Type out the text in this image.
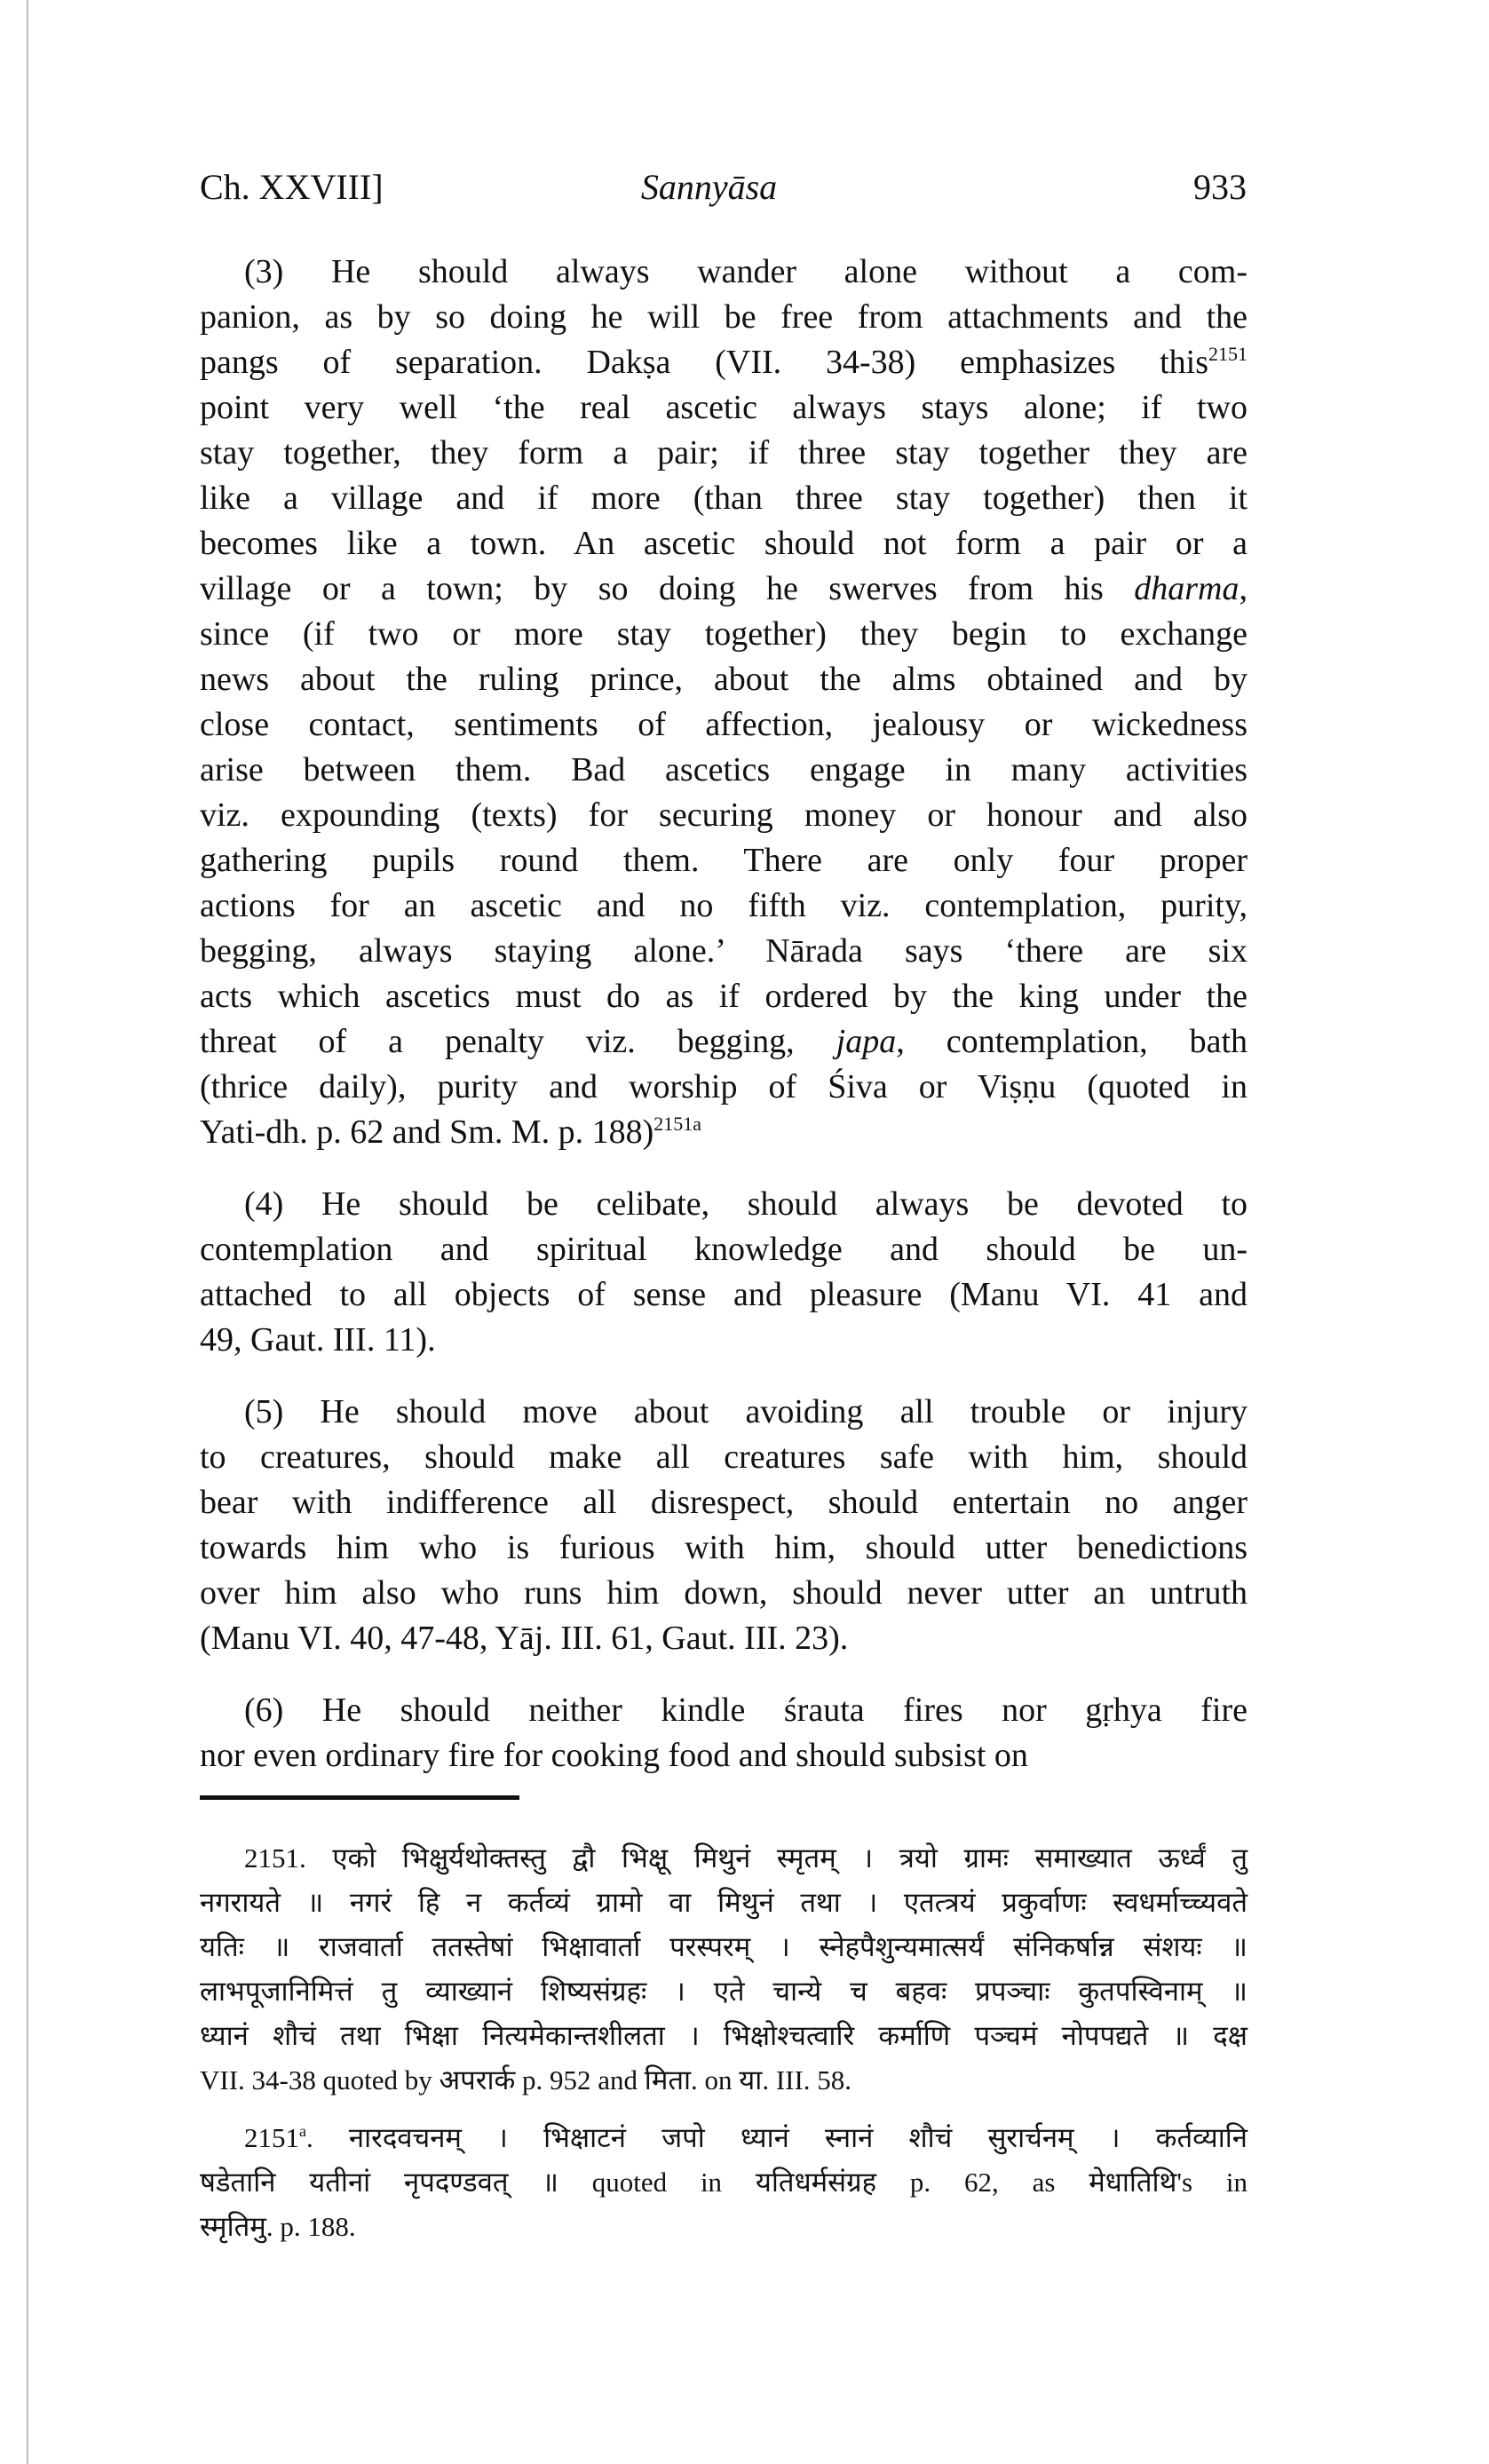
Ch. XXVIII]	Sannyāsa	933
(3) He should always wander alone without a com-
panion, as by so doing he will be free from attachments and the
pangs of separation. Dakṣa (VII. 34-38) emphasizes this$^{2151}$
point very well ‘the real ascetic always stays alone; if two
stay together, they form a pair; if three stay together they are
like a village and if more (than three stay together) then it
becomes like a town. An ascetic should not form a pair or a
village or a town; by so doing he swerves from his dharma,
since (if two or more stay together) they begin to exchange
news about the ruling prince, about the alms obtained and by
close contact, sentiments of affection, jealousy or wickedness
arise between them. Bad ascetics engage in many activities
viz. expounding (texts) for securing money or honour and also
gathering pupils round them. There are only four proper
actions for an ascetic and no fifth viz. contemplation, purity,
begging, always staying alone.’ Nārada says ‘there are six
acts which ascetics must do as if ordered by the king under the
threat of a penalty viz. begging, japa, contemplation, bath
(thrice daily), purity and worship of Śiva or Viṣṇu (quoted in
Yati-dh. p. 62 and Sm. M. p. 188)$^{2151a}$
(4) He should be celibate, should always be devoted to
contemplation and spiritual knowledge and should be un-
attached to all objects of sense and pleasure (Manu VI. 41 and
49, Gaut. III. 11).
(5) He should move about avoiding all trouble or injury
to creatures, should make all creatures safe with him, should
bear with indifference all disrespect, should entertain no anger
towards him who is furious with him, should utter benedictions
over him also who runs him down, should never utter an untruth
(Manu VI. 40, 47-48, Yāj. III. 61, Gaut. III. 23).
(6) He should neither kindle śrauta fires nor gṛhya fire
nor even ordinary fire for cooking food and should subsist on
2151. एको भिक्षुर्यथोक्तस्तु द्वौ भिक्षू मिथुनं स्मृतम् । त्रयो ग्रामः समाख्यात ऊर्ध्वं तु
नगरायते ॥ नगरं हि न कर्तव्यं ग्रामो वा मिथुनं तथा । एतत्त्रयं प्रकुर्वाणः स्वधर्माच्च्यवते
यतिः ॥ राजवार्ता ततस्तेषां भिक्षावार्ता परस्परम् । स्नेहपैशुन्यमात्सर्यं संनिकर्षान्न संशयः ॥
लाभपूजानिमित्तं तु व्याख्यानं शिष्यसंग्रहः । एते चान्ये च बहवः प्रपञ्चाः कुतपस्विनाम् ॥
ध्यानं शौचं तथा भिक्षा नित्यमेकान्तशीलता । भिक्षोश्चत्वारि कर्माणि पञ्चमं नोपपद्यते ॥ दक्ष
VII. 34-38 quoted by अपरार्क p. 952 and मिता. on या. III. 58.
2151$^a$. नारदवचनम् । भिक्षाटनं जपो ध्यानं स्नानं शौचं सुरार्चनम् । कर्तव्यानि
षडेतानि यतीनां नृपदण्डवत् ॥ quoted in यतिधर्मसंग्रह p. 62, as मेधातिथि's in
स्मृतिमु. p. 188.
